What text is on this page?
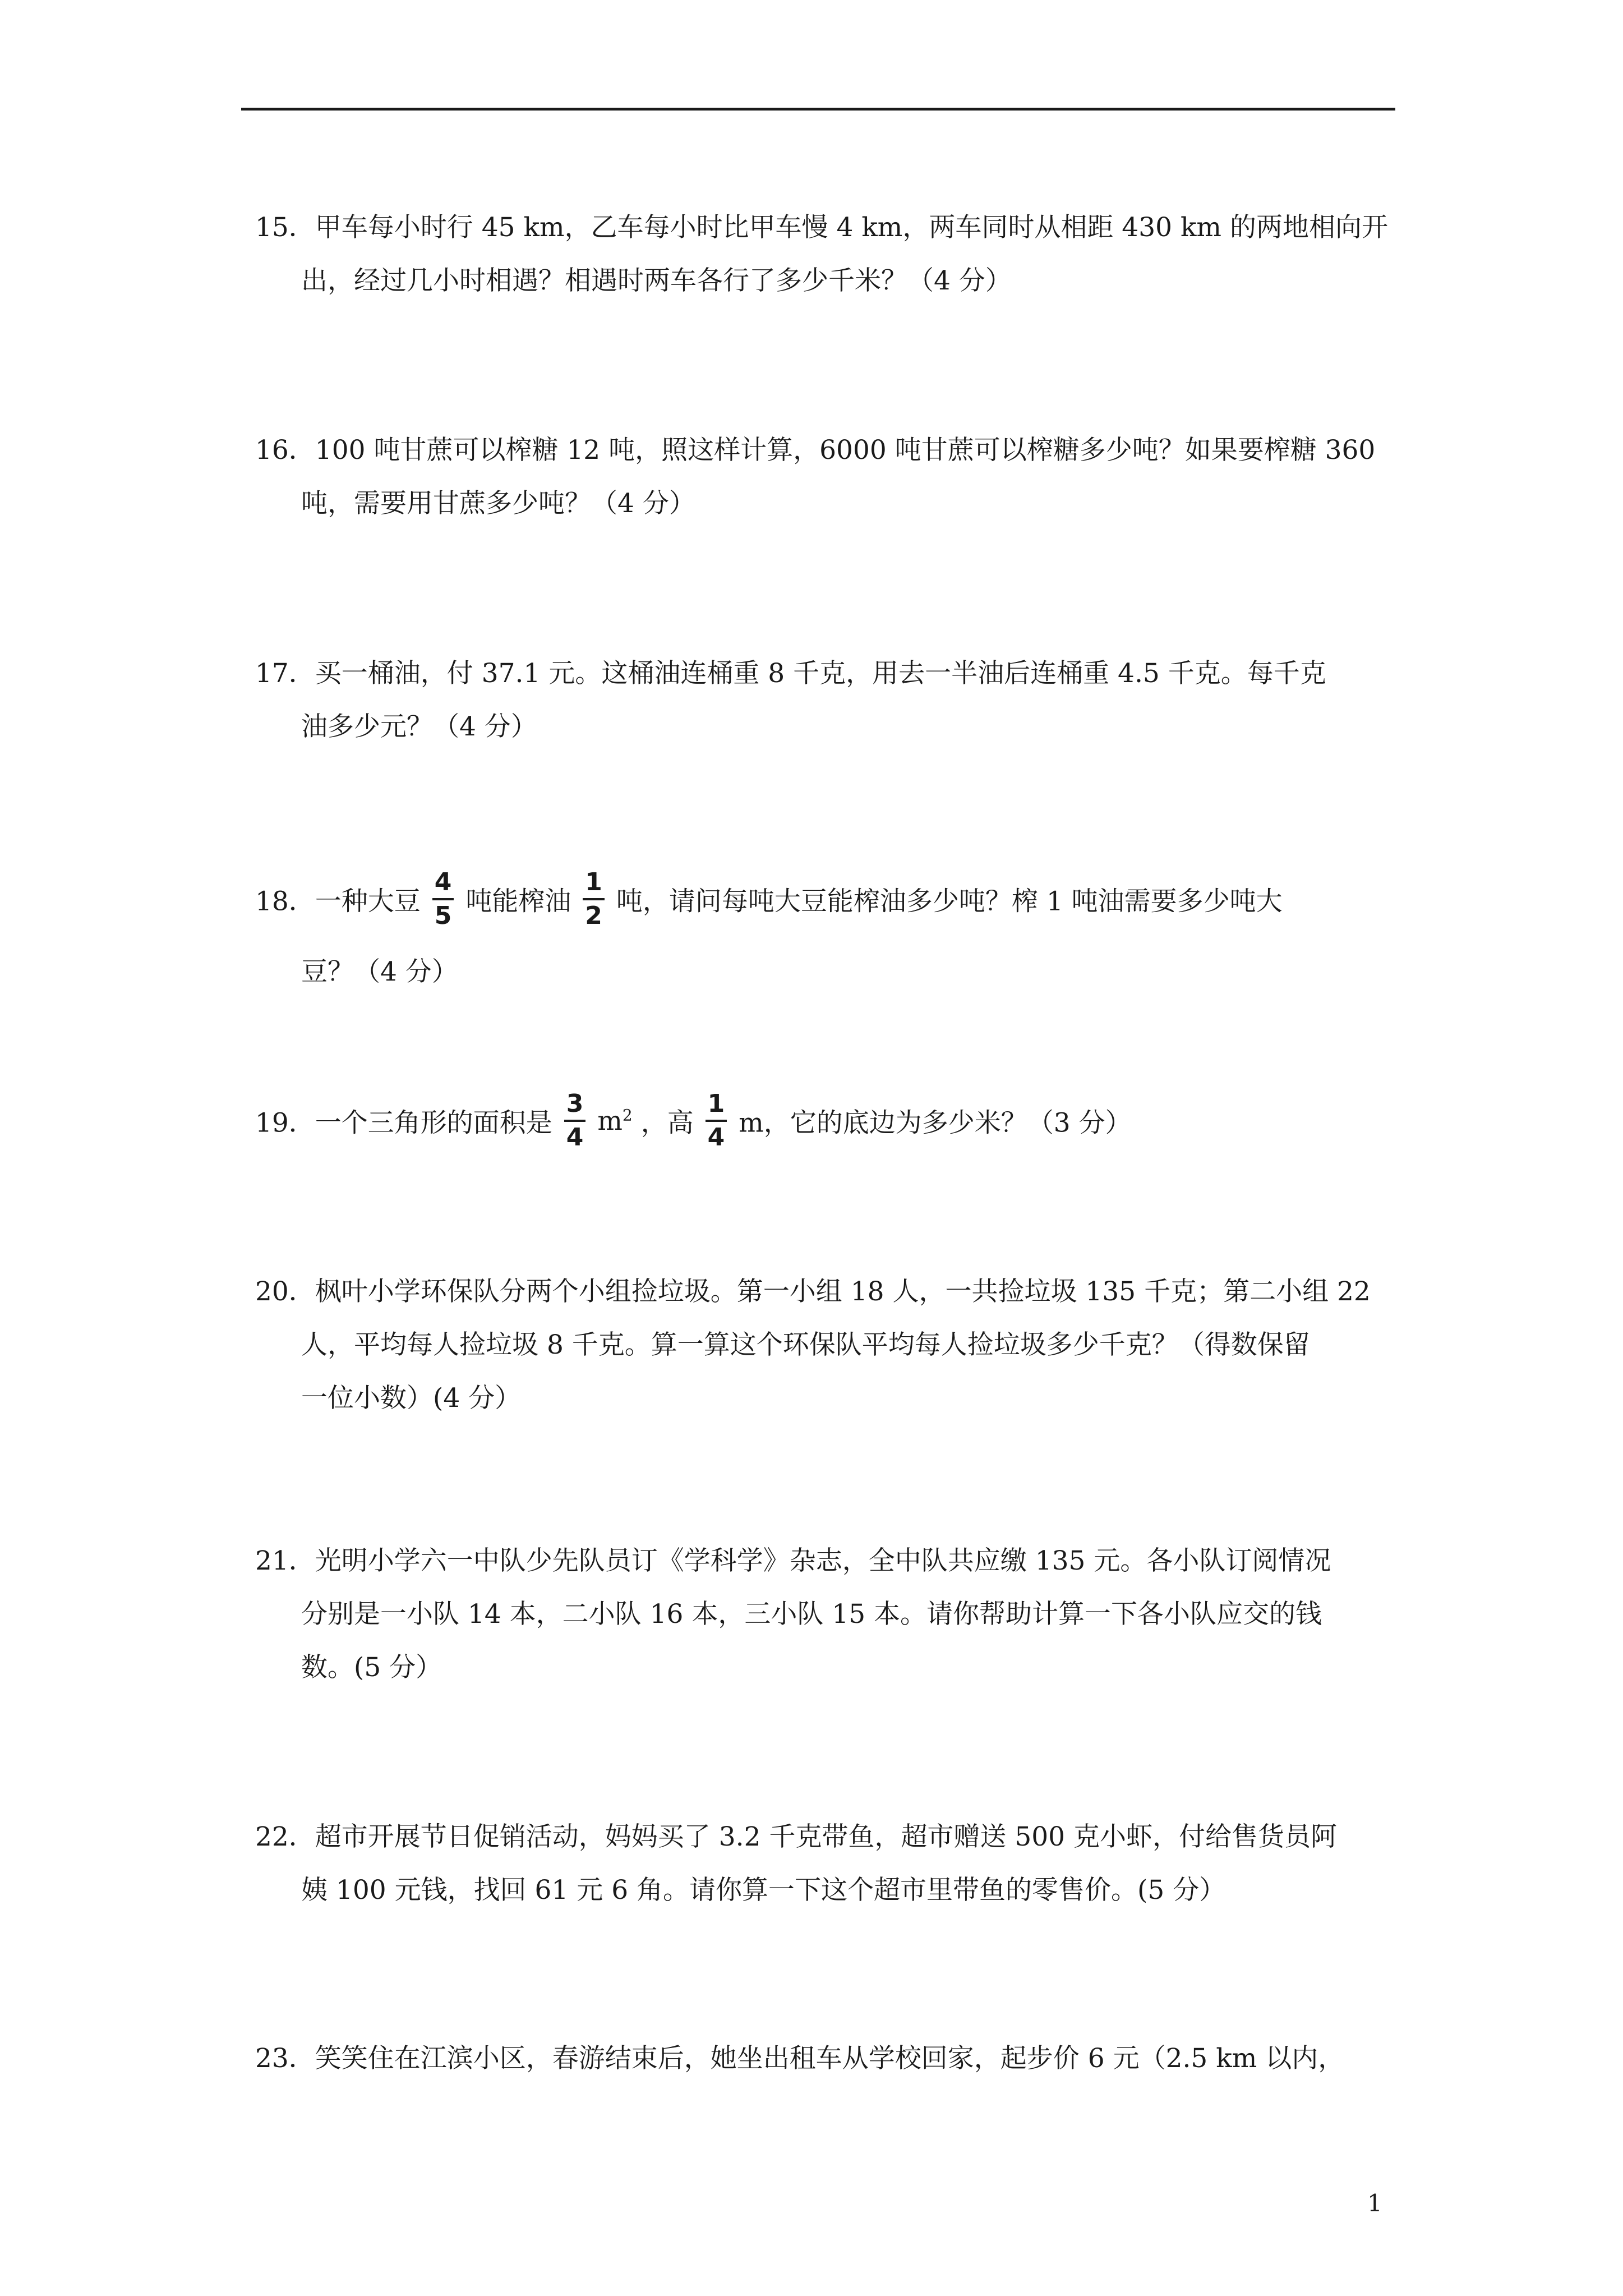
15．甲车每小时行 45 km，乙车每小时比甲车慢 4 km，两车同时从相距 430 km 的两地相向开
出，经过几小时相遇？相遇时两车各行了多少千米？（4 分）
16．100 吨甘蔗可以榨糖 12 吨，照这样计算，6000 吨甘蔗可以榨糖多少吨？如果要榨糖 360
吨，需要用甘蔗多少吨？（4 分）
17．买一桶油，付 37.1 元。这桶油连桶重 8 千克，用去一半油后连桶重 4.5 千克。每千克
油多少元？（4 分）
18．一种大豆 $\frac{4}{5}$ 吨能榨油 $\frac{1}{2}$ 吨，请问每吨大豆能榨油多少吨？榨 1 吨油需要多少吨大
豆？（4 分）
19．一个三角形的面积是 $\frac{3}{4} m^2$ ，高 $\frac{1}{4}$ m，它的底边为多少米？（3 分）
20．枫叶小学环保队分两个小组捡垃圾。第一小组 18 人，一共捡垃圾 135 千克；第二小组 22
人，平均每人捡垃圾 8 千克。算一算这个环保队平均每人捡垃圾多少千克？（得数保留
一位小数）(4 分）
21．光明小学六一中队少先队员订《学科学》杂志，全中队共应缴 135 元。各小队订阅情况
分别是一小队 14 本，二小队 16 本，三小队 15 本。请你帮助计算一下各小队应交的钱
数。(5 分）
22．超市开展节日促销活动，妈妈买了 3.2 千克带鱼，超市赠送 500 克小虾，付给售货员阿
姨 100 元钱，找回 61 元 6 角。请你算一下这个超市里带鱼的零售价。(5 分）
23．笑笑住在江滨小区，春游结束后，她坐出租车从学校回家，起步价 6 元（2.5 km 以内，
1
